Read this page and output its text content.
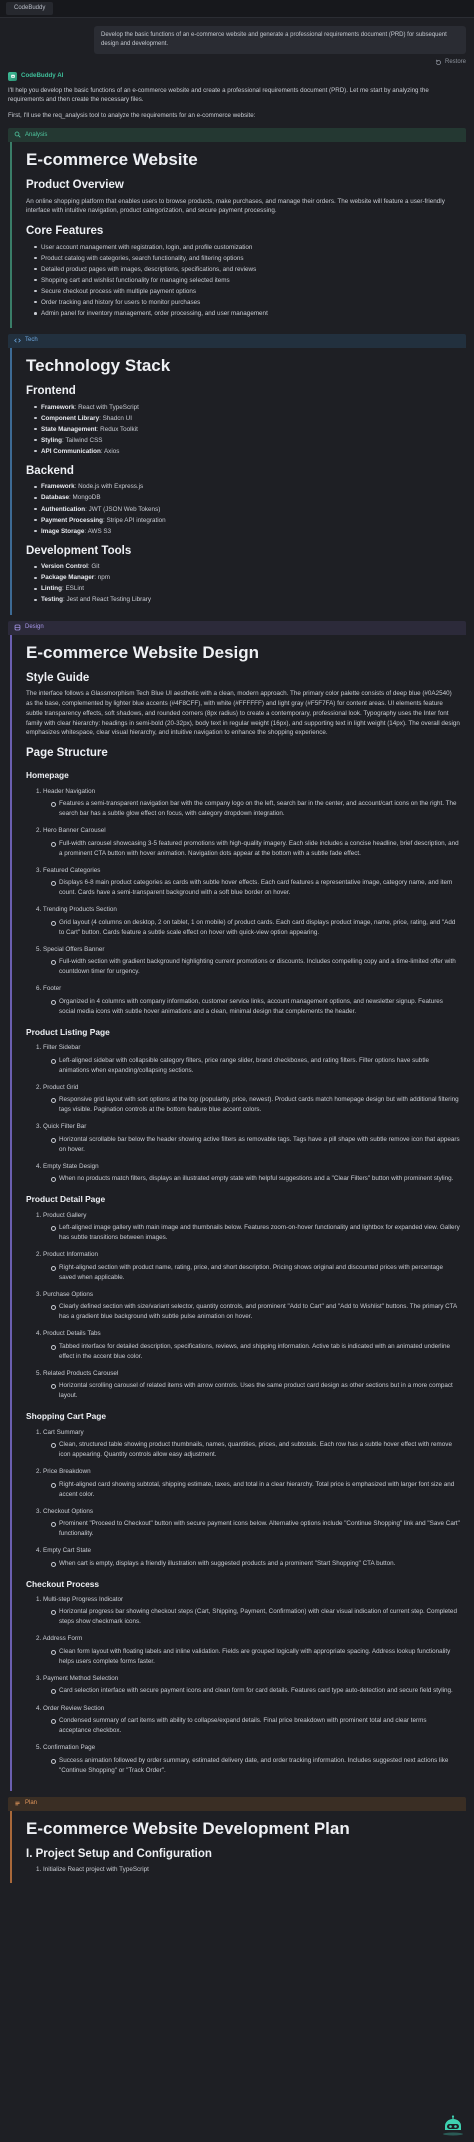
CodeBuddy
Develop the basic functions of an e-commerce website and generate a professional requirements document (PRD) for subsequent design and development.
Restore
CodeBuddy AI
I'll help you develop the basic functions of an e-commerce website and create a professional requirements document (PRD). Let me start by analyzing the requirements and then create the necessary files.
First, I'll use the req_analysis tool to analyze the requirements for an e-commerce website:
Analysis
E-commerce Website
Product Overview

An online shopping platform that enables users to browse products, make purchases, and manage their orders. The website will feature a user-friendly interface with intuitive navigation, product categorization, and secure payment processing.

Core Features
User account management with registration, login, and profile customization
Product catalog with categories, search functionality, and filtering options
Detailed product pages with images, descriptions, specifications, and reviews
Shopping cart and wishlist functionality for managing selected items
Secure checkout process with multiple payment options
Order tracking and history for users to monitor purchases
Admin panel for inventory management, order processing, and user management
Tech
Technology Stack
Frontend
Framework: React with TypeScript
Component Library: Shadcn UI
State Management: Redux Toolkit
Styling: Tailwind CSS
API Communication: Axios
Backend
Framework: Node.js with Express.js
Database: MongoDB
Authentication: JWT (JSON Web Tokens)
Payment Processing: Stripe API integration
Image Storage: AWS S3
Development Tools
Version Control: Git
Package Manager: npm
Linting: ESLint
Testing: Jest and React Testing Library
Design
E-commerce Website Design
Style Guide

The interface follows a Glassmorphism Tech Blue UI aesthetic with a clean, modern approach. The primary color palette consists of deep blue (#0A2540) as the base, complemented by lighter blue accents (#4F8CFF), with white (#FFFFFF) and light gray (#F5F7FA) for content areas. UI elements feature subtle transparency effects, soft shadows, and rounded corners (8px radius) to create a contemporary, professional look. Typography uses the Inter font family with clear hierarchy: headings in semi-bold (20-32px), body text in regular weight (16px), and supporting text in light weight (14px). The overall design emphasizes whitespace, clear visual hierarchy, and intuitive navigation to enhance the shopping experience.

Page Structure
Homepage
1. Header Navigation
Features a semi-transparent navigation bar with the company logo on the left, search bar in the center, and account/cart icons on the right. The search bar has a subtle glow effect on focus, with category dropdown integration.
2. Hero Banner Carousel
Full-width carousel showcasing 3-5 featured promotions with high-quality imagery. Each slide includes a concise headline, brief description, and a prominent CTA button with hover animation. Navigation dots appear at the bottom with a subtle fade effect.
3. Featured Categories
Displays 6-8 main product categories as cards with subtle hover effects. Each card features a representative image, category name, and item count. Cards have a semi-transparent background with a soft blue border on hover.
4. Trending Products Section
Grid layout (4 columns on desktop, 2 on tablet, 1 on mobile) of product cards. Each card displays product image, name, price, rating, and "Add to Cart" button. Cards feature a subtle scale effect on hover with quick-view option appearing.
5. Special Offers Banner
Full-width section with gradient background highlighting current promotions or discounts. Includes compelling copy and a time-limited offer with countdown timer for urgency.
6. Footer
Organized in 4 columns with company information, customer service links, account management options, and newsletter signup. Features social media icons with subtle hover animations and a clean, minimal design that complements the header.
Product Listing Page
1. Filter Sidebar
Left-aligned sidebar with collapsible category filters, price range slider, brand checkboxes, and rating filters. Filter options have subtle animations when expanding/collapsing sections.
2. Product Grid
Responsive grid layout with sort options at the top (popularity, price, newest). Product cards match homepage design but with additional filtering tags visible. Pagination controls at the bottom feature blue accent colors.
3. Quick Filter Bar
Horizontal scrollable bar below the header showing active filters as removable tags. Tags have a pill shape with subtle remove icon that appears on hover.
4. Empty State Design
When no products match filters, displays an illustrated empty state with helpful suggestions and a "Clear Filters" button with prominent styling.
Product Detail Page
1. Product Gallery
Left-aligned image gallery with main image and thumbnails below. Features zoom-on-hover functionality and lightbox for expanded view. Gallery has subtle transitions between images.
2. Product Information
Right-aligned section with product name, rating, price, and short description. Pricing shows original and discounted prices with percentage saved when applicable.
3. Purchase Options
Clearly defined section with size/variant selector, quantity controls, and prominent "Add to Cart" and "Add to Wishlist" buttons. The primary CTA has a gradient blue background with subtle pulse animation on hover.
4. Product Details Tabs
Tabbed interface for detailed description, specifications, reviews, and shipping information. Active tab is indicated with an animated underline effect in the accent blue color.
5. Related Products Carousel
Horizontal scrolling carousel of related items with arrow controls. Uses the same product card design as other sections but in a more compact layout.
Shopping Cart Page
1. Cart Summary
Clean, structured table showing product thumbnails, names, quantities, prices, and subtotals. Each row has a subtle hover effect with remove icon appearing. Quantity controls allow easy adjustment.
2. Price Breakdown
Right-aligned card showing subtotal, shipping estimate, taxes, and total in a clear hierarchy. Total price is emphasized with larger font size and accent color.
3. Checkout Options
Prominent "Proceed to Checkout" button with secure payment icons below. Alternative options include "Continue Shopping" link and "Save Cart" functionality.
4. Empty Cart State
When cart is empty, displays a friendly illustration with suggested products and a prominent "Start Shopping" CTA button.
Checkout Process
1. Multi-step Progress Indicator
Horizontal progress bar showing checkout steps (Cart, Shipping, Payment, Confirmation) with clear visual indication of current step. Completed steps show checkmark icons.
2. Address Form
Clean form layout with floating labels and inline validation. Fields are grouped logically with appropriate spacing. Address lookup functionality helps users complete forms faster.
3. Payment Method Selection
Card selection interface with secure payment icons and clean form for card details. Features card type auto-detection and secure field styling.
4. Order Review Section
Condensed summary of cart items with ability to collapse/expand details. Final price breakdown with prominent total and clear terms acceptance checkbox.
5. Confirmation Page
Success animation followed by order summary, estimated delivery date, and order tracking information. Includes suggested next actions like "Continue Shopping" or "Track Order".
Plan
E-commerce Website Development Plan
I. Project Setup and Configuration
1. Initialize React project with TypeScript
